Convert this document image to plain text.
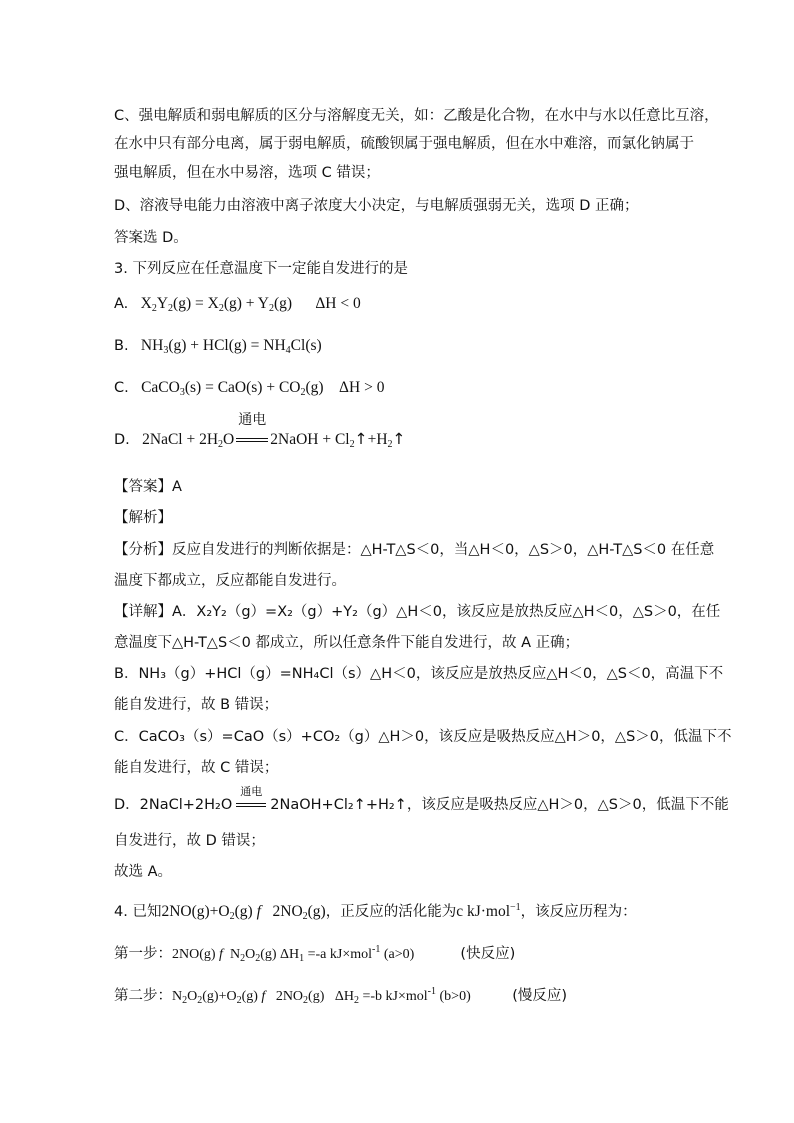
C、强电解质和弱电解质的区分与溶解度无关，如：乙酸是化合物，在水中与水以任意比互溶，
在水中只有部分电离，属于弱电解质，硫酸钡属于强电解质，但在水中难溶，而氯化钠属于
强电解质，但在水中易溶，选项 C 错误；
D、溶液导电能力由溶液中离子浓度大小决定，与电解质强弱无关，选项 D 正确；
答案选 D。
3. 下列反应在任意温度下一定能自发进行的是
A.   $X_2Y_2(g) = X_2(g) + Y_2(g)$      ΔH < 0
B.   $NH_3(g) + HCl(g) = NH_4Cl(s)$
C.   CaCO$_3$(s) = $CaO(s) + CO_2(g)$    ΔH > 0
D.   2NaCl + $2H_2O$
通电
2NaOH + $Cl_2↑+H_2↑$
【答案】A
【解析】
【分析】反应自发进行的判断依据是：△H-T△S＜0，当△H＜0，△S＞0，△H-T△S＜0 在任意
温度下都成立，反应都能自发进行。
【详解】A．X₂Y₂（g）=X₂（g）+Y₂（g）△H＜0，该反应是放热反应△H＜0，△S＞0，在任
意温度下△H-T△S＜0 都成立，所以任意条件下能自发进行，故 A 正确；
B．NH₃（g）+HCl（g）=NH₄Cl（s）△H＜0，该反应是放热反应△H＜0，△S＜0，高温下不
能自发进行，故 B 错误；
C．CaCO₃（s）=CaO（s）+CO₂（g）△H＞0，该反应是吸热反应△H＞0，△S＞0，低温下不
能自发进行，故 C 错误；
D．2NaCl+2H₂O
通电
2NaOH+Cl₂↑+H₂↑，该反应是吸热反应△H＞0，△S＞0，低温下不能
自发进行，故 D 错误；
故选 A。
4. 已知$2NO(g)+O_2(g)$ f   $2NO_2(g)$，正反应的活化能为c kJ·mol$^{-1}$，该反应历程为：
第一步：2NO(g) f  $N_2O_2(g)$ $\Delta H_1 =-a$ kJ×mol$^{-1}$ (a>0)	(快反应)
第二步：$N_2O_2(g)+O_2(g)$ f   $2NO_2(g)$   $\Delta H_2 =-b$ kJ×mol$^{-1}$ (b>0)	(慢反应)
